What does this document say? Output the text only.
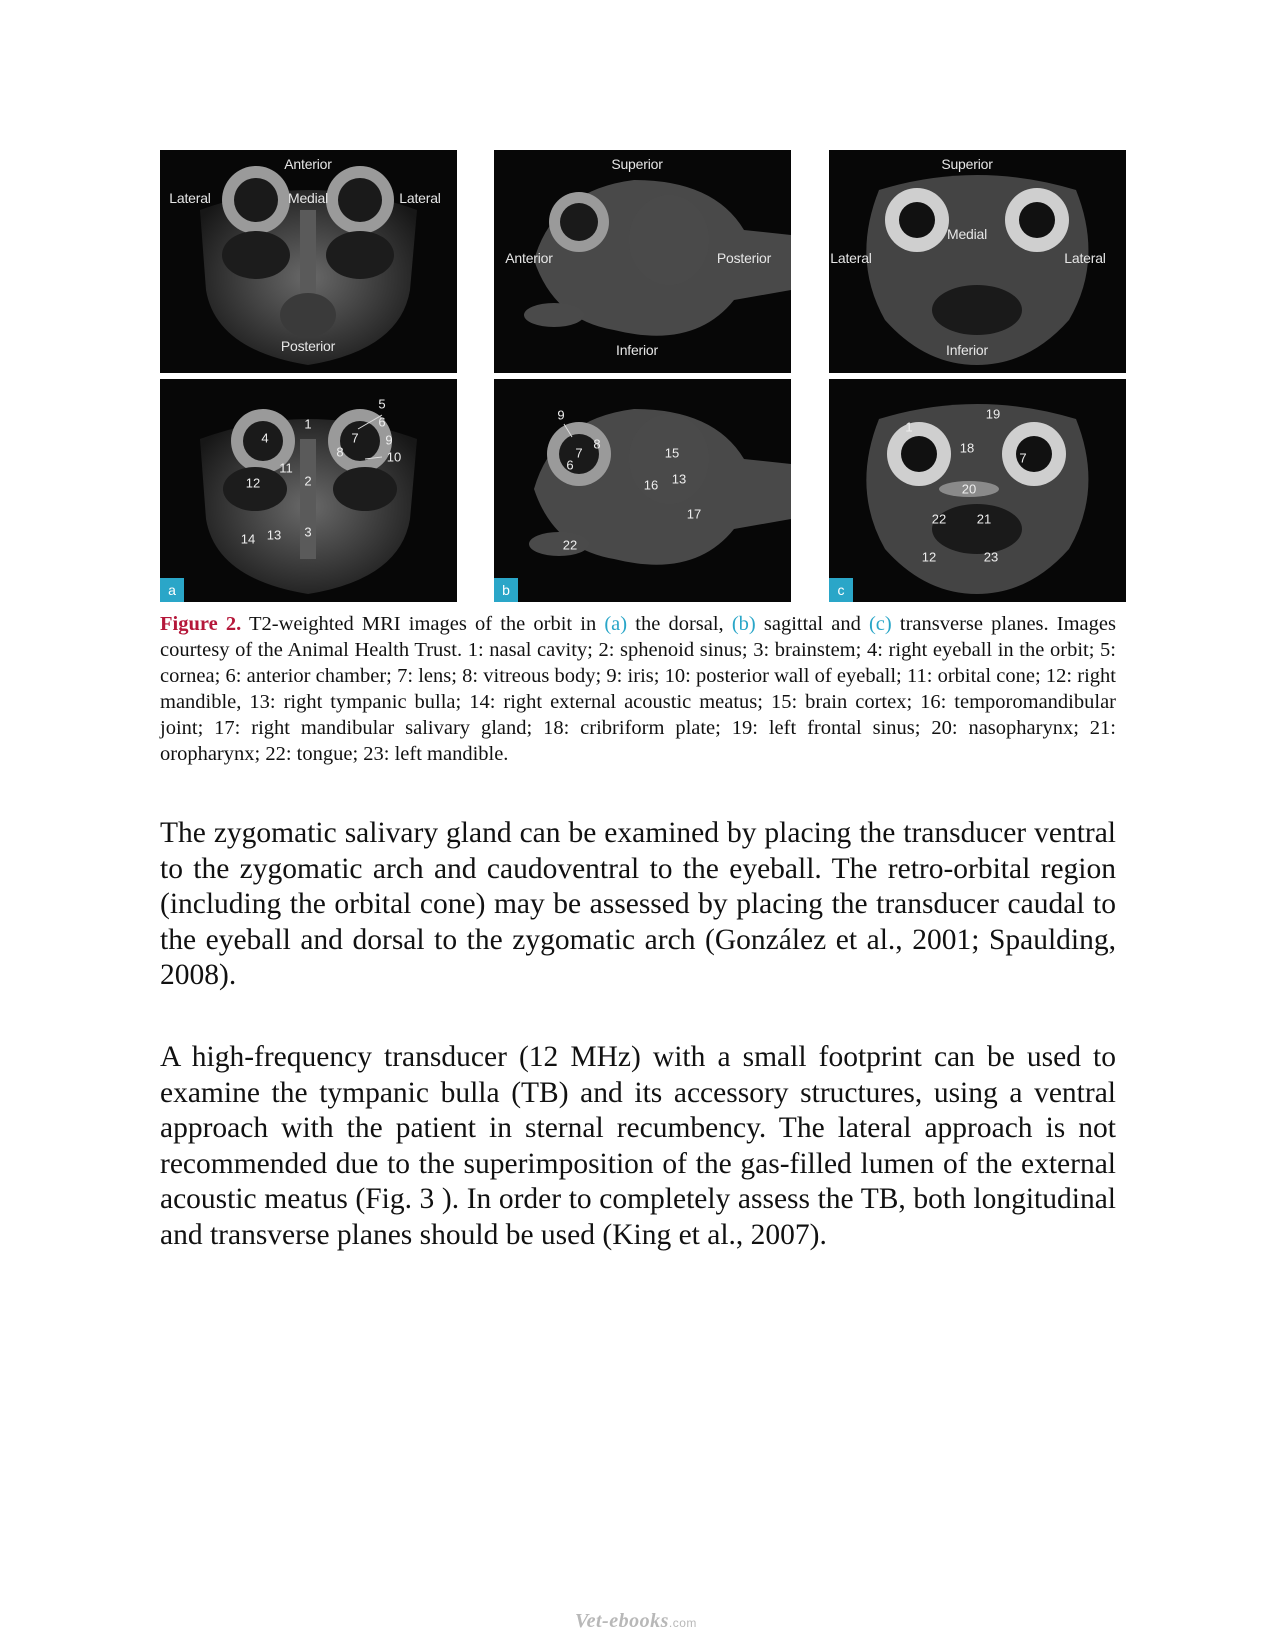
Anterior
Lateral	Medial	Lateral
Posterior
Superior
Anterior	Posterior
Inferior
Superior
Medial
Lateral	Lateral
Inferior
5
6
1
4	7 9
8	10
11
12	2
13 3
14
a
9
8
7
6
15
16 13
17
22
b
19
1
18
7
20
22 21
12	23
c
Figure 2. T2-weighted MRI images of the orbit in (a) the dorsal, (b) sagittal and (c) transverse planes. Images courtesy of the Animal Health Trust. 1: nasal cavity; 2: sphenoid sinus; 3: brainstem; 4: right eyeball in the orbit; 5: cornea; 6: anterior chamber; 7: lens; 8: vitreous body; 9: iris; 10: posterior wall of eyeball; 11: orbital cone; 12: right mandible, 13: right tympanic bulla; 14: right external acoustic meatus; 15: brain cortex; 16: temporomandibular joint; 17: right mandibular salivary gland; 18: cribriform plate; 19: left frontal sinus; 20: nasopharynx; 21: oropharynx; 22: tongue; 23: left mandible.

The zygomatic salivary gland can be examined by placing the transducer ventral to the zygomatic arch and caudoventral to the eyeball. The retro-orbital region (including the orbital cone) may be assessed by placing the transducer caudal to the eyeball and dorsal to the zygomatic arch (González et al., 2001; Spaulding, 2008).

A high-frequency transducer (12 MHz) with a small footprint can be used to examine the tympanic bulla (TB) and its accessory structures, using a ventral approach with the patient in sternal recumbency. The lateral approach is not recommended due to the superimposition of the gas-filled lumen of the external acoustic meatus (Fig. 3 ). In order to completely assess the TB, both longitudinal and transverse planes should be used (King et al., 2007).

Vet-ebooks.com
